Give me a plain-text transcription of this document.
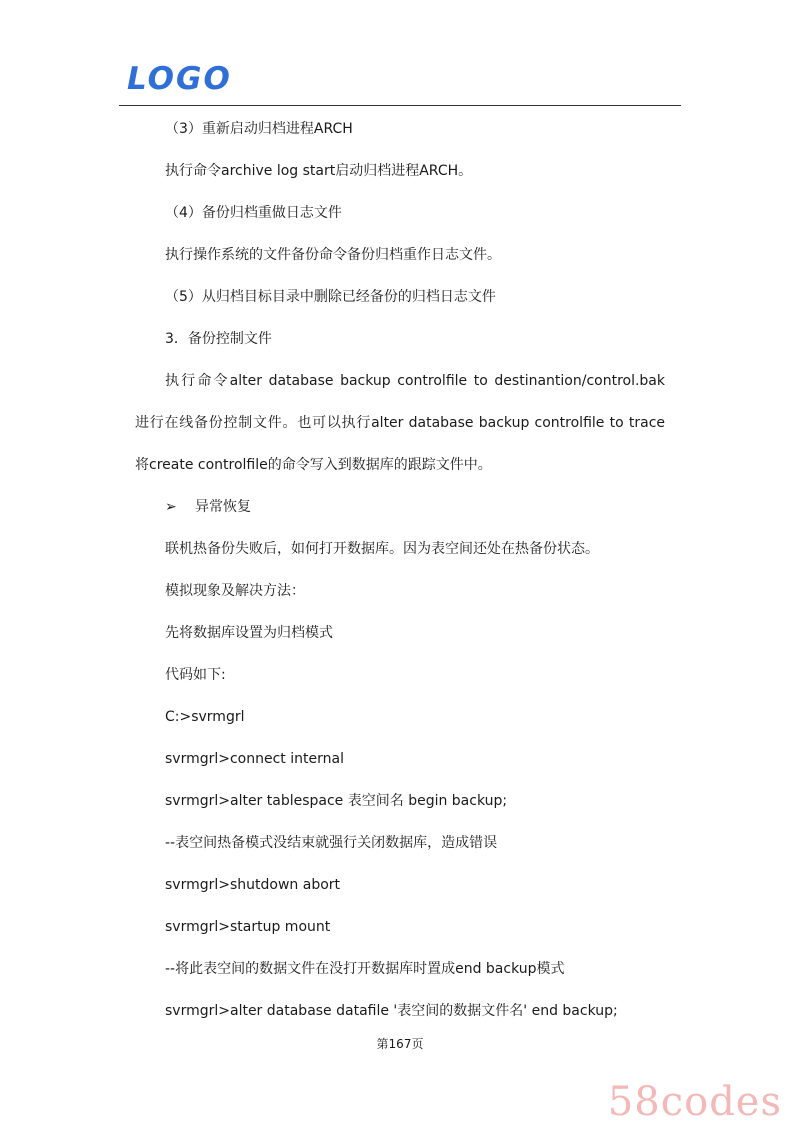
LOGO
（3）重新启动归档进程ARCH
执行命令archive log start启动归档进程ARCH。
（4）备份归档重做日志文件
执行操作系统的文件备份命令备份归档重作日志文件。
（5）从归档目标目录中删除已经备份的归档日志文件
3．备份控制文件
执行命令alter database backup controlfile to destinantion/control.bak
进行在线备份控制文件。也可以执行alter database backup controlfile to trace
将create controlfile的命令写入到数据库的跟踪文件中。
➢ 异常恢复
联机热备份失败后，如何打开数据库。因为表空间还处在热备份状态。
模拟现象及解决方法：
先将数据库设置为归档模式
代码如下:
C:>svrmgrl
svrmgrl>connect internal
svrmgrl>alter tablespace 表空间名 begin backup;
--表空间热备模式没结束就强行关闭数据库，造成错误
svrmgrl>shutdown abort
svrmgrl>startup mount
--将此表空间的数据文件在没打开数据库时置成end backup模式
svrmgrl>alter database datafile '表空间的数据文件名' end backup;
第167页
58codes
